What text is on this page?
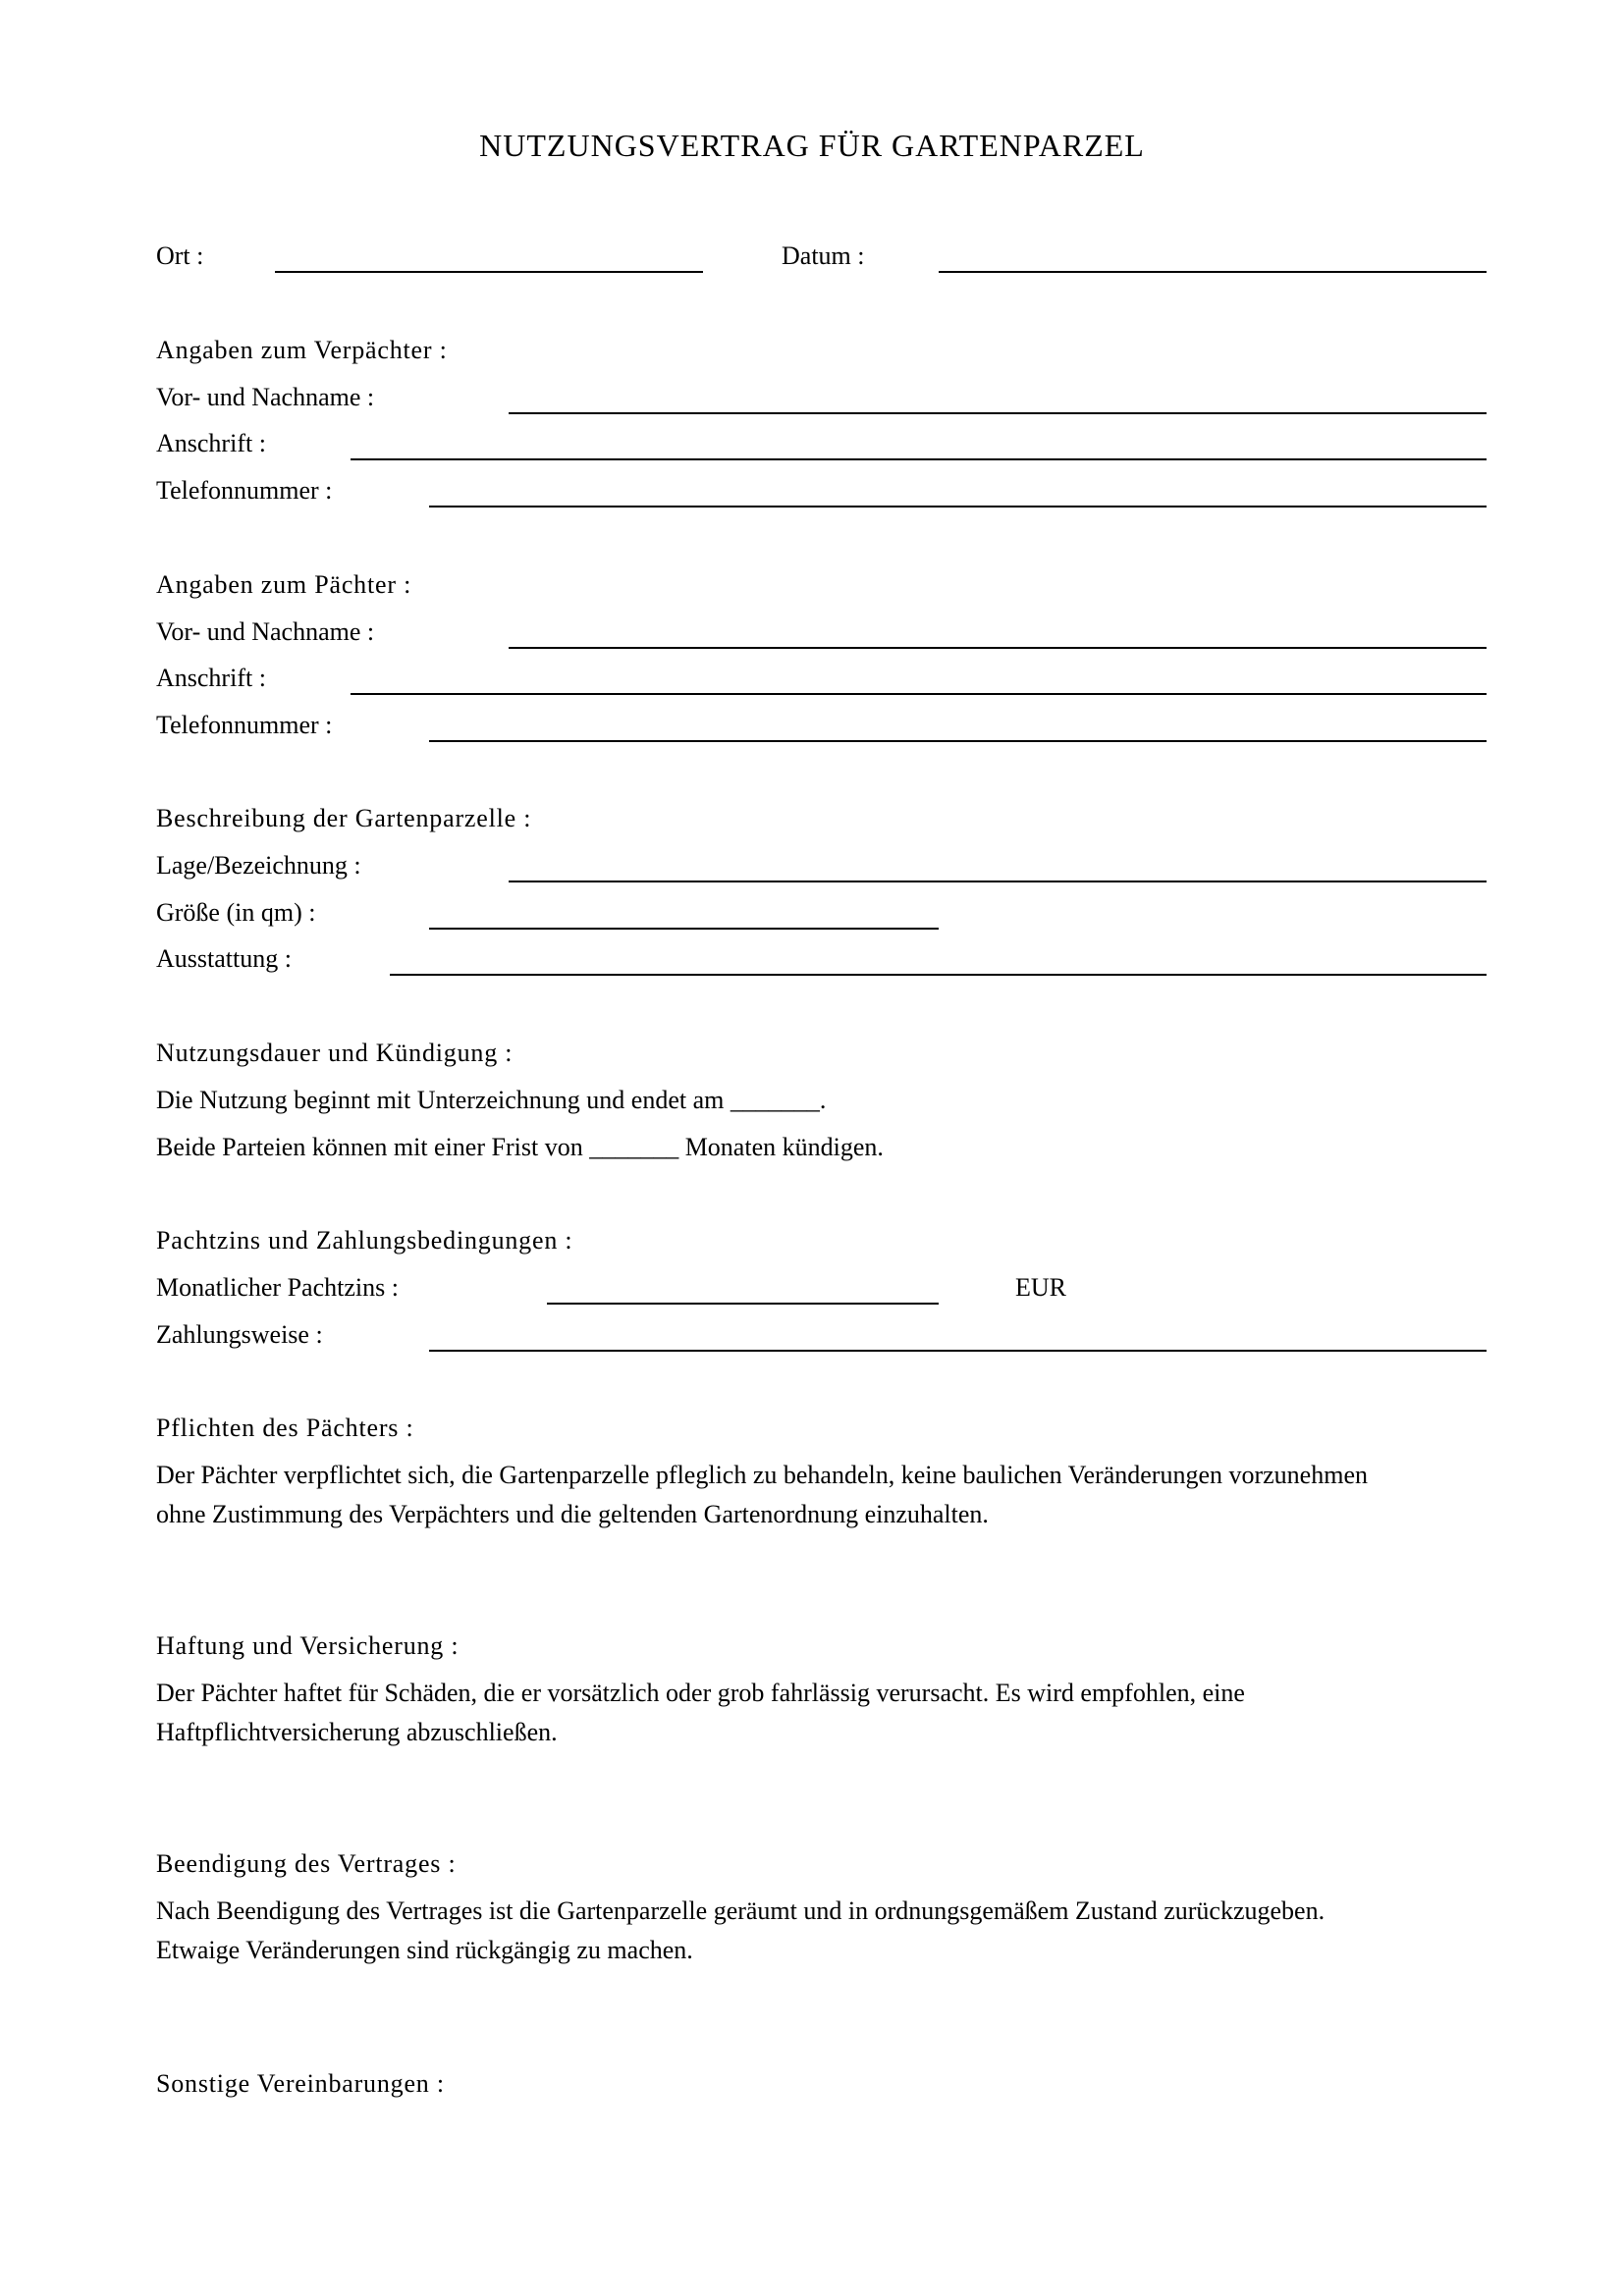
NUTZUNGSVERTRAG FÜR GARTENPARZEL
Ort :	Datum :
Angaben zum Verpächter :
Vor- und Nachname :
Anschrift :
Telefonnummer :
Angaben zum Pächter :
Vor- und Nachname :
Anschrift :
Telefonnummer :
Beschreibung der Gartenparzelle :
Lage/Bezeichnung :
Größe (in qm) :
Ausstattung :
Nutzungsdauer und Kündigung :
Die Nutzung beginnt mit Unterzeichnung und endet am _______.
Beide Parteien können mit einer Frist von _______ Monaten kündigen.
Pachtzins und Zahlungsbedingungen :
Monatlicher Pachtzins :	EUR
Zahlungsweise :
Pflichten des Pächters :
Der Pächter verpflichtet sich, die Gartenparzelle pfleglich zu behandeln, keine baulichen Veränderungen vorzunehmen
ohne Zustimmung des Verpächters und die geltenden Gartenordnung einzuhalten.
Haftung und Versicherung :
Der Pächter haftet für Schäden, die er vorsätzlich oder grob fahrlässig verursacht. Es wird empfohlen, eine
Haftpflichtversicherung abzuschließen.
Beendigung des Vertrages :
Nach Beendigung des Vertrages ist die Gartenparzelle geräumt und in ordnungsgemäßem Zustand zurückzugeben.
Etwaige Veränderungen sind rückgängig zu machen.
Sonstige Vereinbarungen :
